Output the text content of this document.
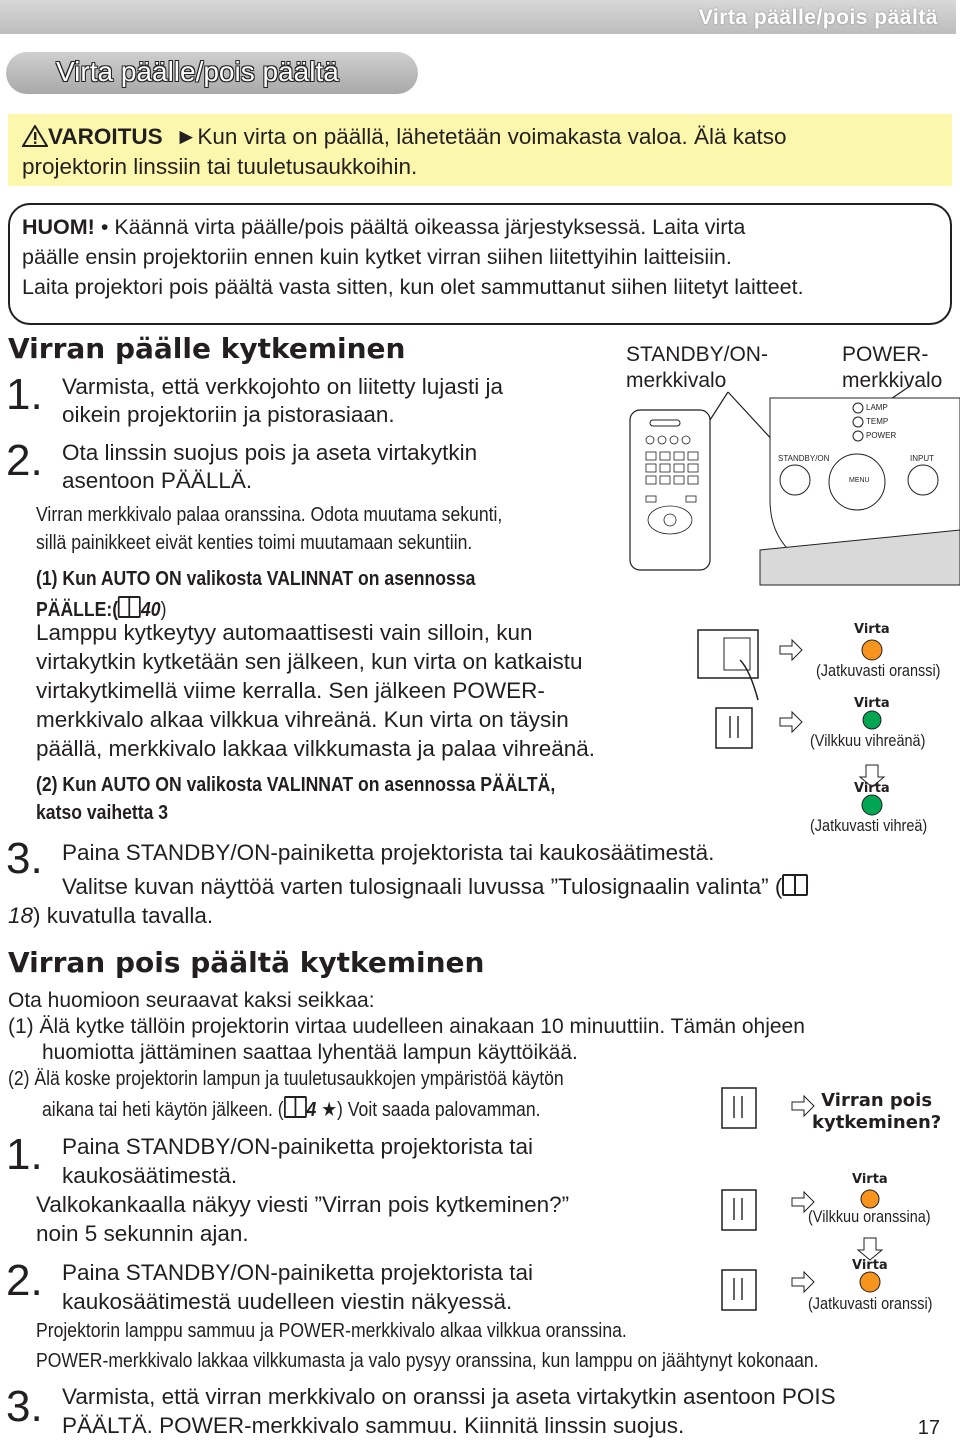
Virta päälle/pois päältä
Virta päälle/pois päältä
VAROITUS  ►Kun virta on päällä, lähetetään voimakasta valoa. Älä katso
projektorin linssiin tai tuuletusaukkoihin.
HUOM! • Käännä virta päälle/pois päältä oikeassa järjestyksessä. Laita virta
päälle ensin projektoriin ennen kuin kytket virran siihen liitettyihin laitteisiin.
Laita projektori pois päältä vasta sitten, kun olet sammuttanut siihen liitetyt laitteet.
Virran päälle kytkeminen
1. Varmista, että verkkojohto on liitetty lujasti ja
oikein projektoriin ja pistorasiaan.
2. Ota linssin suojus pois ja aseta virtakytkin
asentoon PÄÄLLÄ.
Virran merkkivalo palaa oranssina. Odota muutama sekunti,
sillä painikkeet eivät kenties toimi muutamaan sekuntiin.
(1) Kun AUTO ON valikosta VALINNAT on asennossa
PÄÄLLE:( 40)
Lamppu kytkeytyy automaattisesti vain silloin, kun
virtakytkin kytketään sen jälkeen, kun virta on katkaistu
virtakytkimellä viime kerralla. Sen jälkeen POWER-
merkkivalo alkaa vilkkua vihreänä. Kun virta on täysin
päällä, merkkivalo lakkaa vilkkumasta ja palaa vihreänä.
(2) Kun AUTO ON valikosta VALINNAT on asennossa PÄÄLTÄ,
katso vaihetta 3
3. Paina STANDBY/ON-painiketta projektorista tai kaukosäätimestä.
Valitse kuvan näyttöä varten tulosignaali luvussa ”Tulosignaalin valinta” (
18) kuvatulla tavalla.
Virran pois päältä kytkeminen
Ota huomioon seuraavat kaksi seikkaa:
(1) Älä kytke tällöin projektorin virtaa uudelleen ainakaan 10 minuuttiin. Tämän ohjeen
huomiotta jättäminen saattaa lyhentää lampun käyttöikää.
(2) Älä koske projektorin lampun ja tuuletusaukkojen ympäristöä käytön
aikana tai heti käytön jälkeen. ( 4 ★) Voit saada palovamman.
1. Paina STANDBY/ON-painiketta projektorista tai
kaukosäätimestä.
Valkokankaalla näkyy viesti ”Virran pois kytkeminen?”
noin 5 sekunnin ajan.
2. Paina STANDBY/ON-painiketta projektorista tai
kaukosäätimestä uudelleen viestin näkyessä.
Projektorin lamppu sammuu ja POWER-merkkivalo alkaa vilkkua oranssina.
POWER-merkkivalo lakkaa vilkkumasta ja valo pysyy oranssina, kun lamppu on jäähtynyt kokonaan.
3. Varmista, että virran merkkivalo on oranssi ja aseta virtakytkin asentoon POIS
PÄÄLTÄ. POWER-merkkivalo sammuu. Kiinnitä linssin suojus.	17
STANDBY/ON-
merkkivalo
POWER-
merkkivalo
LAMP
TEMP
POWER
STANDBY/ON	INPUT
MENU
Virta
(Jatkuvasti oranssi)
Virta
(Vilkkuu vihreänä)
Virta
(Jatkuvasti vihreä)
Virran pois
kytkeminen?
Virta
(Vilkkuu oranssina)
Virta
(Jatkuvasti oranssi)
